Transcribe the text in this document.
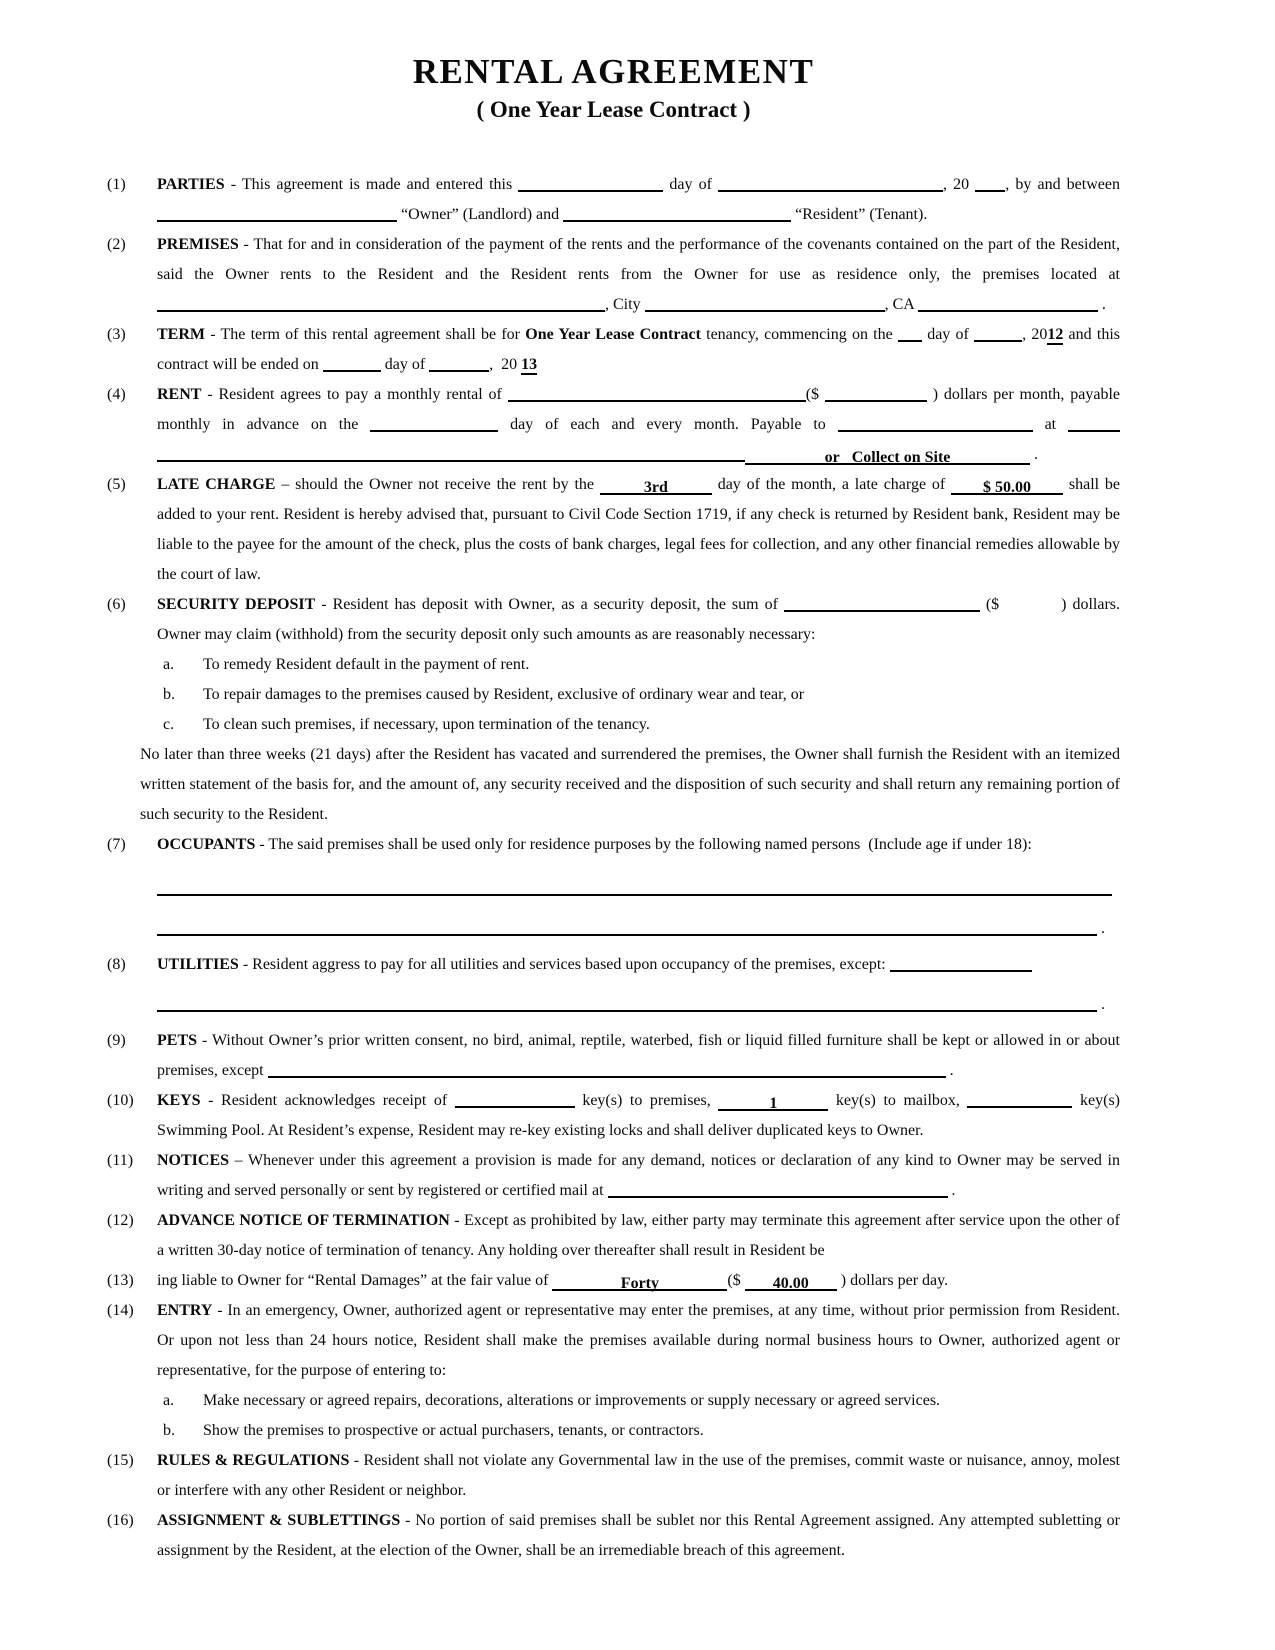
RENTAL AGREEMENT
( One Year Lease Contract )
(1)	PARTIES - This agreement is made and entered this	day of	, 20 , by and between  “Owner” (Landlord) and	“Resident” (Tenant).
(2)	PREMISES - That for and in consideration of the payment of the rents and the performance of the covenants contained on the part of the Resident, said the Owner rents to the Resident and the Resident rents from the Owner for use as residence only, the premises located at , City	, CA	.
(3)	TERM - The term of this rental agreement shall be for One Year Lease Contract tenancy, commencing on the  day of	, 2012 and this contract will be ended on	day of	,  20 13
(4)	RENT - Resident agrees to pay a monthly rental of	($	) dollars per month, payable monthly in advance on the	day of each and every month. Payable to	at  or   Collect on Site	.
(5)	LATE CHARGE – should the Owner not receive the rent by the	3rd	day of the month, a late charge of $ 50.00 shall be added to your rent. Resident is hereby advised that, pursuant to Civil Code Section 1719, if any check is returned by Resident bank, Resident may be liable to the payee for the amount of the check, plus the costs of bank charges, legal fees for collection, and any other financial remedies allowable by the court of law.
(6)	SECURITY DEPOSIT - Resident has deposit with Owner, as a security deposit, the sum of	($	) dollars. Owner may claim (withhold) from the security deposit only such amounts as are reasonably necessary:
a.	To remedy Resident default in the payment of rent.
b.	To repair damages to the premises caused by Resident, exclusive of ordinary wear and tear, or
c.	To clean such premises, if necessary, upon termination of the tenancy.
No later than three weeks (21 days) after the Resident has vacated and surrendered the premises, the Owner shall furnish the Resident with an itemized written statement of the basis for, and the amount of, any security received and the disposition of such security and shall return any remaining portion of such security to the Resident.
(7)	OCCUPANTS - The said premises shall be used only for residence purposes by the following named persons  (Include age if under 18):
.
(8)	UTILITIES - Resident aggress to pay for all utilities and services based upon occupancy of the premises, except:
.
(9)	PETS - Without Owner’s prior written consent, no bird, animal, reptile, waterbed, fish or liquid filled furniture shall be kept or allowed in or about premises, except	.
(10)	KEYS - Resident acknowledges receipt of	key(s) to premises,	1	key(s) to mailbox,	key(s) Swimming Pool. At Resident’s expense, Resident may re-key existing locks and shall deliver duplicated keys to Owner.
(11)	NOTICES – Whenever under this agreement a provision is made for any demand, notices or declaration of any kind to Owner may be served in writing and served personally or sent by registered or certified mail at	.
(12)	ADVANCE NOTICE OF TERMINATION - Except as prohibited by law, either party may terminate this agreement after service upon the other of a written 30-day notice of termination of tenancy. Any holding over thereafter shall result in Resident be
(13)	ing liable to Owner for “Rental Damages” at the fair value of	Forty	($ 40.00 ) dollars per day.
(14)	ENTRY - In an emergency, Owner, authorized agent or representative may enter the premises, at any time, without prior permission from Resident. Or upon not less than 24 hours notice, Resident shall make the premises available during normal business hours to Owner, authorized agent or representative, for the purpose of entering to:
a.	Make necessary or agreed repairs, decorations, alterations or improvements or supply necessary or agreed services.
b.	Show the premises to prospective or actual purchasers, tenants, or contractors.
(15)	RULES & REGULATIONS - Resident shall not violate any Governmental law in the use of the premises, commit waste or nuisance, annoy, molest or interfere with any other Resident or neighbor.
(16)	ASSIGNMENT & SUBLETTINGS - No portion of said premises shall be sublet nor this Rental Agreement assigned. Any attempted subletting or assignment by the Resident, at the election of the Owner, shall be an irremediable breach of this agreement.
